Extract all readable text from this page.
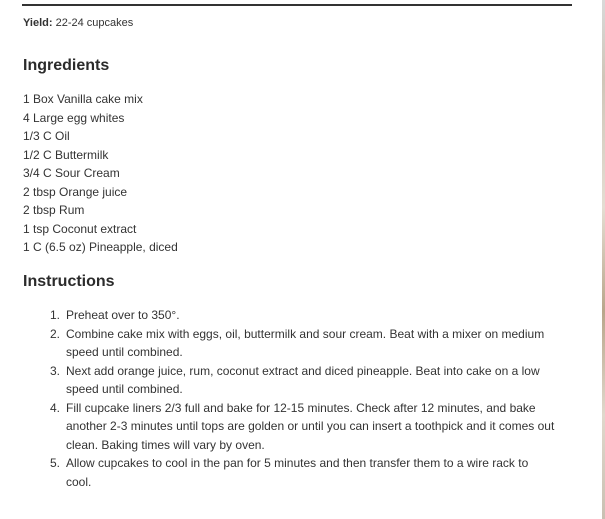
Yield: 22-24 cupcakes
Ingredients
1 Box Vanilla cake mix
4 Large egg whites
1/3 C Oil
1/2 C Buttermilk
3/4 C Sour Cream
2 tbsp Orange juice
2 tbsp Rum
1 tsp Coconut extract
1 C (6.5 oz) Pineapple, diced
Instructions
1. Preheat over to 350°.
2. Combine cake mix with eggs, oil, buttermilk and sour cream. Beat with a mixer on medium speed until combined.
3. Next add orange juice, rum, coconut extract and diced pineapple. Beat into cake on a low speed until combined.
4. Fill cupcake liners 2/3 full and bake for 12-15 minutes. Check after 12 minutes, and bake another 2-3 minutes until tops are golden or until you can insert a toothpick and it comes out clean. Baking times will vary by oven.
5. Allow cupcakes to cool in the pan for 5 minutes and then transfer them to a wire rack to cool.
